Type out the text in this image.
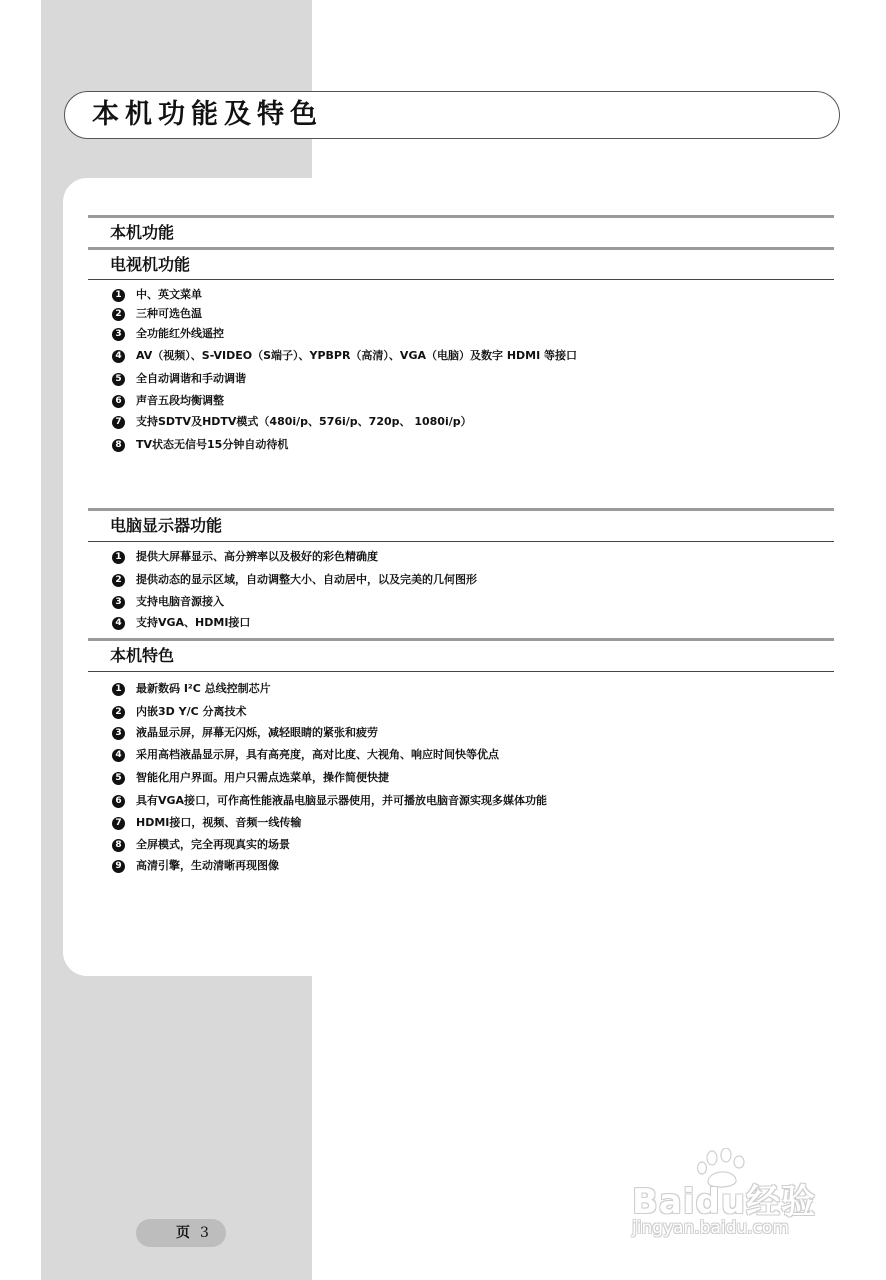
本机功能及特色
本机功能
电视机功能
1	中、英文菜单
2	三种可选色温
3	全功能红外线遥控
4	AV（视频）、S-VIDEO（S端子）、YPBPR（高清）、VGA（电脑）及数字 HDMI 等接口
5	全自动调谐和手动调谐
6	声音五段均衡调整
7	支持SDTV及HDTV模式（480i/p、576i/p、720p、 1080i/p）
8	TV状态无信号15分钟自动待机
电脑显示器功能
1	提供大屏幕显示、高分辨率以及极好的彩色精确度
2	提供动态的显示区域，自动调整大小、自动居中，以及完美的几何图形
3	支持电脑音源接入
4	支持VGA、HDMI接口
本机特色
1	最新数码 I²C 总线控制芯片
2	内嵌3D Y/C 分离技术
3	液晶显示屏，屏幕无闪烁，减轻眼睛的紧张和疲劳
4	采用高档液晶显示屏，具有高亮度，高对比度、大视角、响应时间快等优点
5	智能化用户界面。用户只需点选菜单，操作简便快捷
6	具有VGA接口，可作高性能液晶电脑显示器使用，并可播放电脑音源实现多媒体功能
7	HDMI接口，视频、音频一线传输
8	全屏模式，完全再现真实的场景
9	高清引擎，生动清晰再现图像
页 3
Baidu经验
jingyan.baidu.com
